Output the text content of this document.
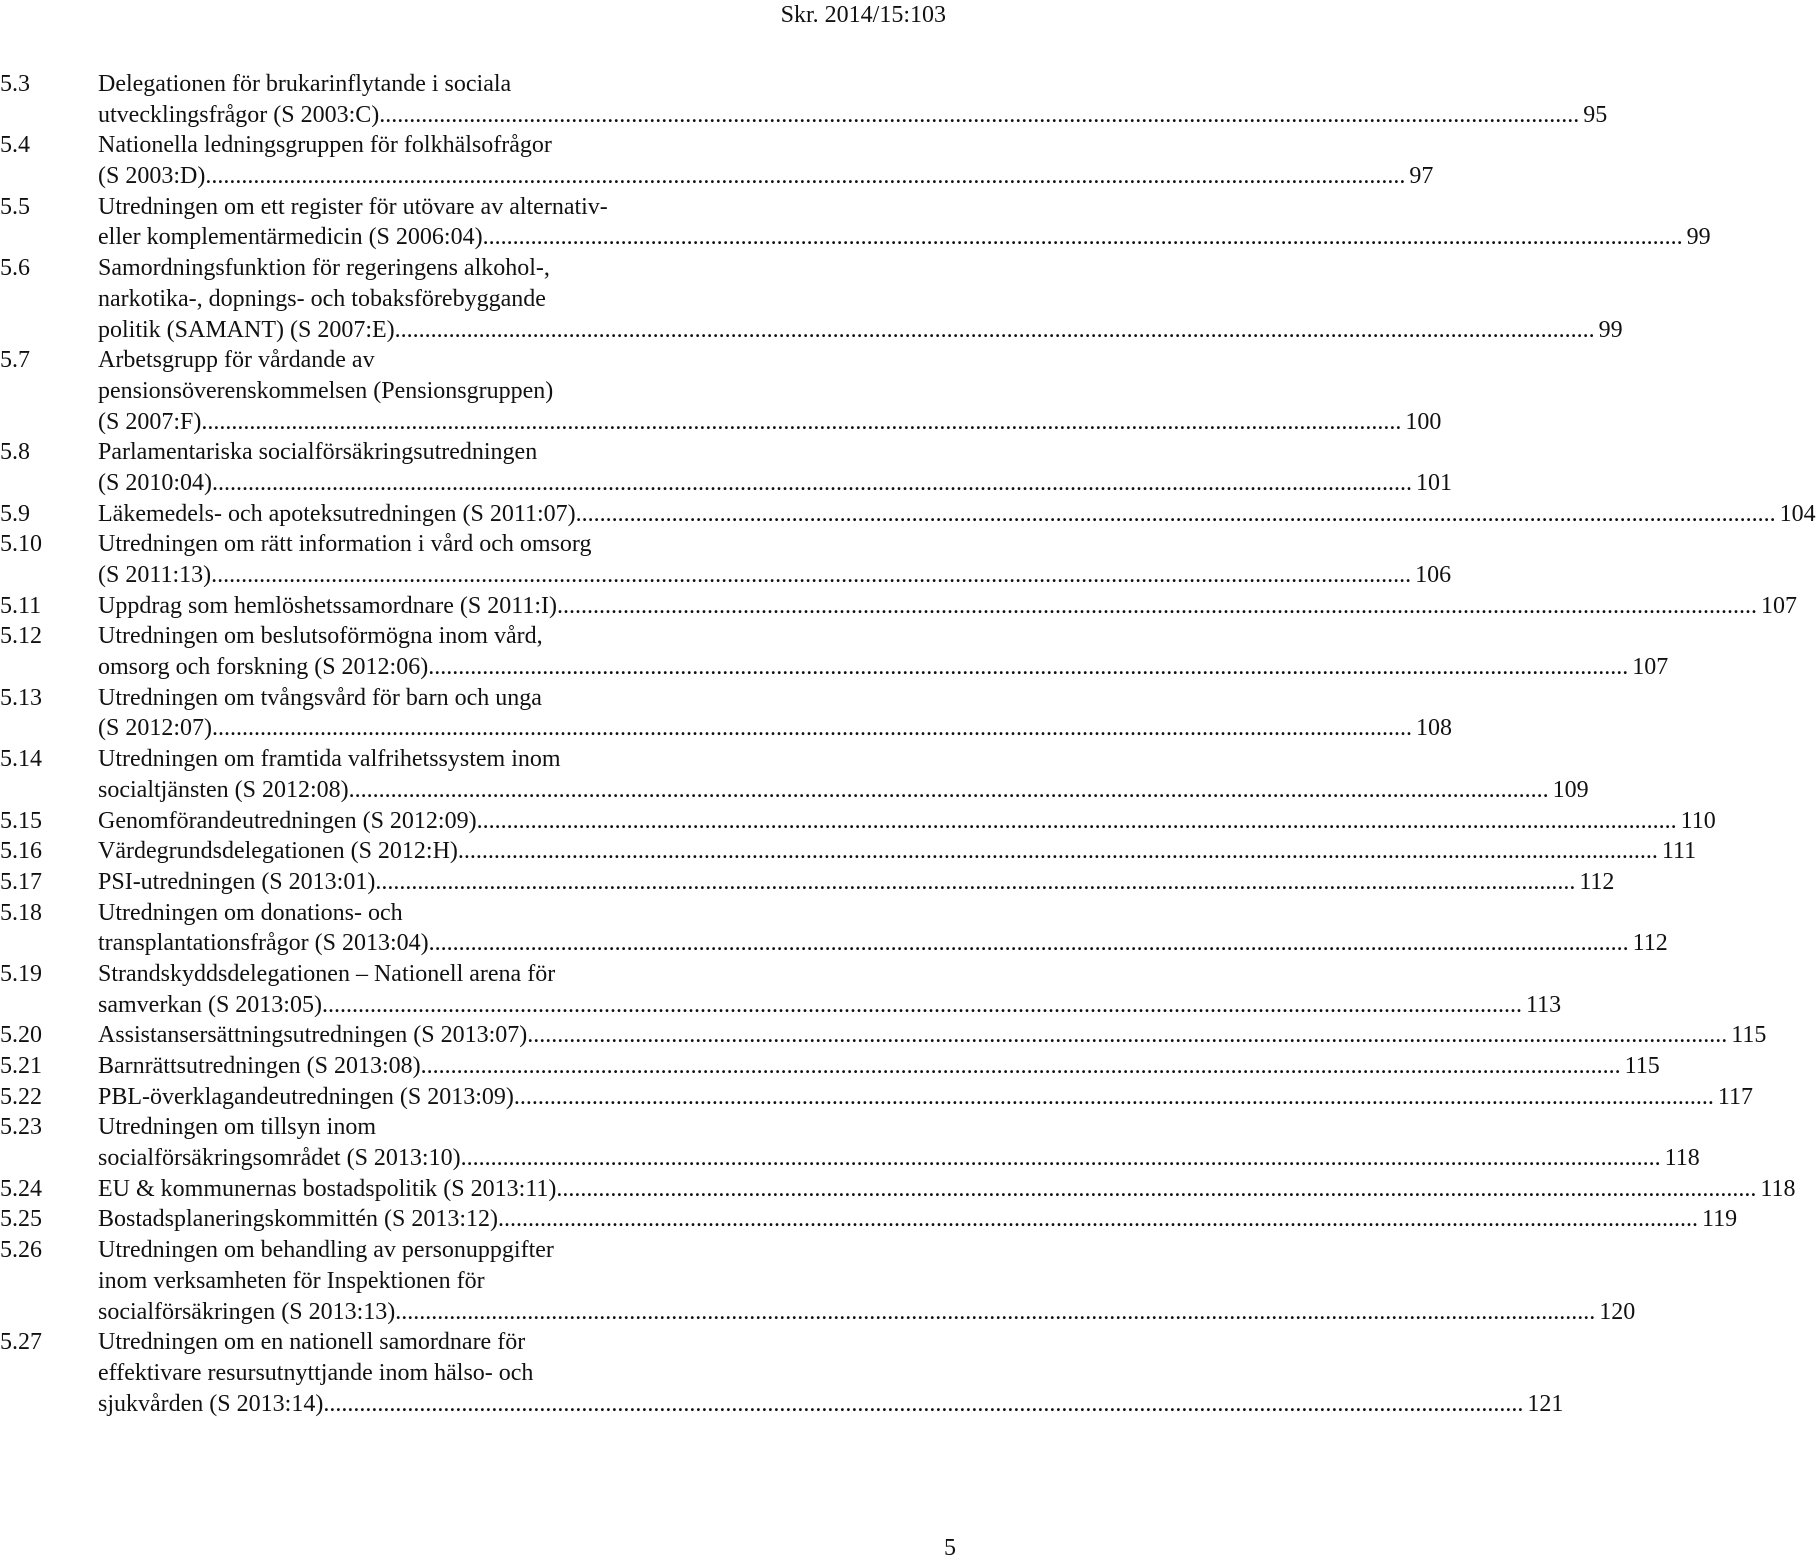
Skr. 2014/15:103
5.3	Delegationen för brukarinflytande i sociala
utvecklingsfrågor (S 2003:C) ........................................................................................................................................................................................................ 95
5.4	Nationella ledningsgruppen för folkhälsofrågor
(S 2003:D) ........................................................................................................................................................................................................ 97
5.5	Utredningen om ett register för utövare av alternativ-
eller komplementärmedicin (S 2006:04) ........................................................................................................................................................................................................ 99
5.6	Samordningsfunktion för regeringens alkohol-,
narkotika-, dopnings- och tobaksförebyggande
politik (SAMANT) (S 2007:E) ........................................................................................................................................................................................................ 99
5.7	Arbetsgrupp för vårdande av
pensionsöverenskommelsen (Pensionsgruppen)
(S 2007:F) ........................................................................................................................................................................................................ 100
5.8	Parlamentariska socialförsäkringsutredningen
(S 2010:04) ........................................................................................................................................................................................................ 101
5.9	Läkemedels- och apoteksutredningen (S 2011:07) ........................................................................................................................................................................................................ 104
5.10 Utredningen om rätt information i vård och omsorg
(S 2011:13) ........................................................................................................................................................................................................ 106
5.11 Uppdrag som hemlöshetssamordnare (S 2011:I) ........................................................................................................................................................................................................ 107
5.12 Utredningen om beslutsoförmögna inom vård,
omsorg och forskning (S 2012:06) ........................................................................................................................................................................................................ 107
5.13 Utredningen om tvångsvård för barn och unga
(S 2012:07) ........................................................................................................................................................................................................ 108
5.14 Utredningen om framtida valfrihetssystem inom
socialtjänsten (S 2012:08) ........................................................................................................................................................................................................ 109
5.15 Genomförandeutredningen (S 2012:09) ........................................................................................................................................................................................................ 110
5.16 Värdegrundsdelegationen (S 2012:H) ........................................................................................................................................................................................................ 111
5.17 PSI-utredningen (S 2013:01) ........................................................................................................................................................................................................ 112
5.18 Utredningen om donations- och
transplantationsfrågor (S 2013:04) ........................................................................................................................................................................................................ 112
5.19 Strandskyddsdelegationen – Nationell arena för
samverkan (S 2013:05) ........................................................................................................................................................................................................ 113
5.20 Assistansersättningsutredningen (S 2013:07) ........................................................................................................................................................................................................ 115
5.21 Barnrättsutredningen (S 2013:08) ........................................................................................................................................................................................................ 115
5.22 PBL-överklagandeutredningen (S 2013:09) ........................................................................................................................................................................................................ 117
5.23 Utredningen om tillsyn inom
socialförsäkringsområdet (S 2013:10) ........................................................................................................................................................................................................ 118
5.24 EU & kommunernas bostadspolitik (S 2013:11) ........................................................................................................................................................................................................ 118
5.25 Bostadsplaneringskommittén (S 2013:12) ........................................................................................................................................................................................................ 119
5.26 Utredningen om behandling av personuppgifter
inom verksamheten för Inspektionen för
socialförsäkringen (S 2013:13) ........................................................................................................................................................................................................ 120
5.27 Utredningen om en nationell samordnare för
effektivare resursutnyttjande inom hälso- och
sjukvården (S 2013:14) ........................................................................................................................................................................................................ 121
5
